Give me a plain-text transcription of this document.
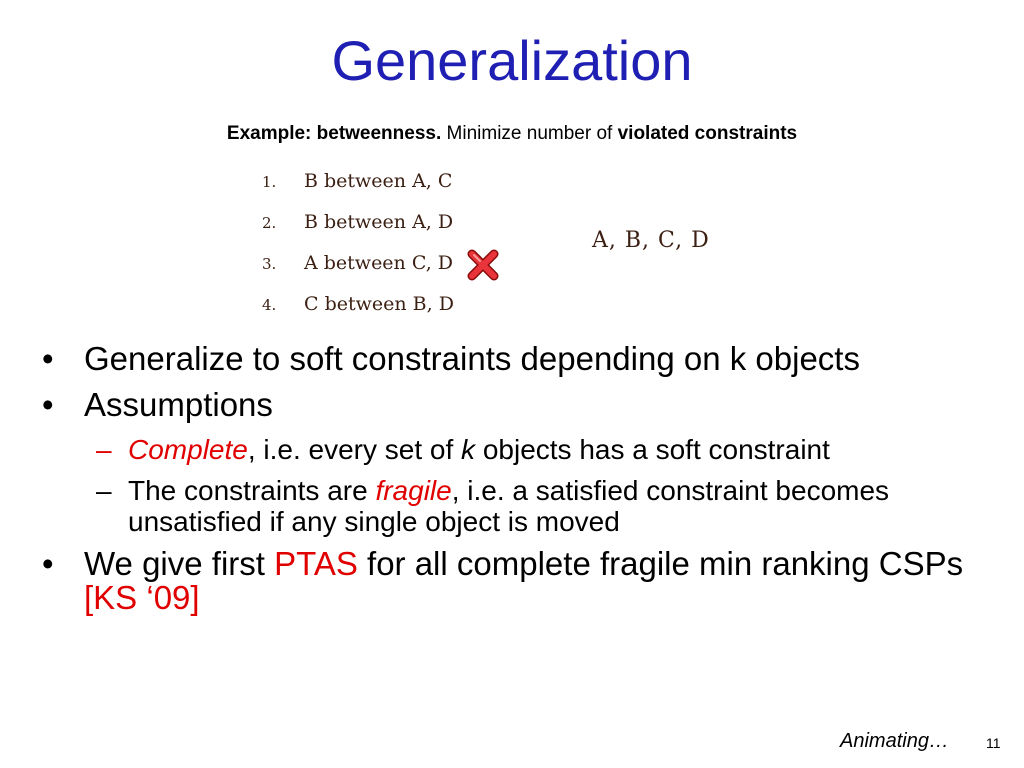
Generalization
Example: betweenness. Minimize number of violated constraints
1. B between A, C
2. B between A, D
3. A between C, D
4. C between B, D
A, B, C, D
• Generalize to soft constraints depending on k objects
• Assumptions
– Complete, i.e. every set of k objects has a soft constraint
– The constraints are fragile, i.e. a satisfied constraint becomes unsatisfied if any single object is moved
• We give first PTAS for all complete fragile min ranking CSPs [KS ‘09]
Animating…	11
